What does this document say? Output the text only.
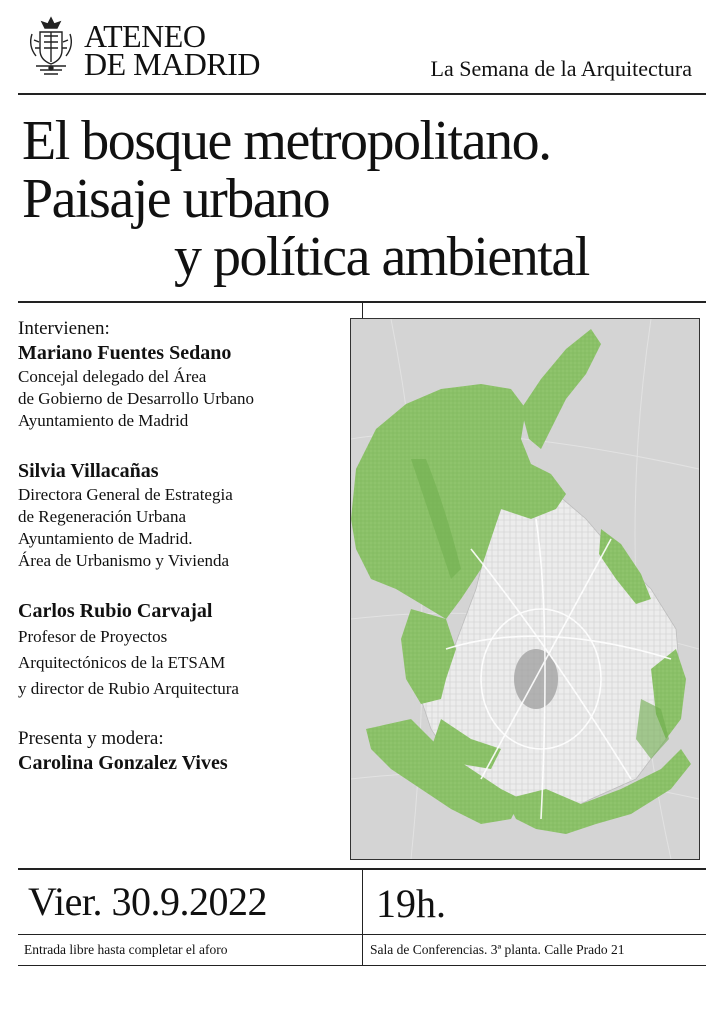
ATENEO
DE MADRID	La Semana de la Arquitectura
El bosque metropolitano.
Paisaje urbano
y política ambiental
Intervienen:
Mariano Fuentes Sedano
Concejal delegado del Área
de Gobierno de Desarrollo Urbano
Ayuntamiento de Madrid
Silvia Villacañas
Directora General de Estrategia
de Regeneración Urbana
Ayuntamiento de Madrid.
Área de Urbanismo y Vivienda
Carlos Rubio Carvajal
Profesor de Proyectos
Arquitectónicos de la ETSAM
y director de Rubio Arquitectura
Presenta y modera:
Carolina Gonzalez Vives
Vier. 30.9.2022	19h.
Entrada libre hasta completar el aforo	Sala de Conferencias. 3ª planta. Calle Prado 21
